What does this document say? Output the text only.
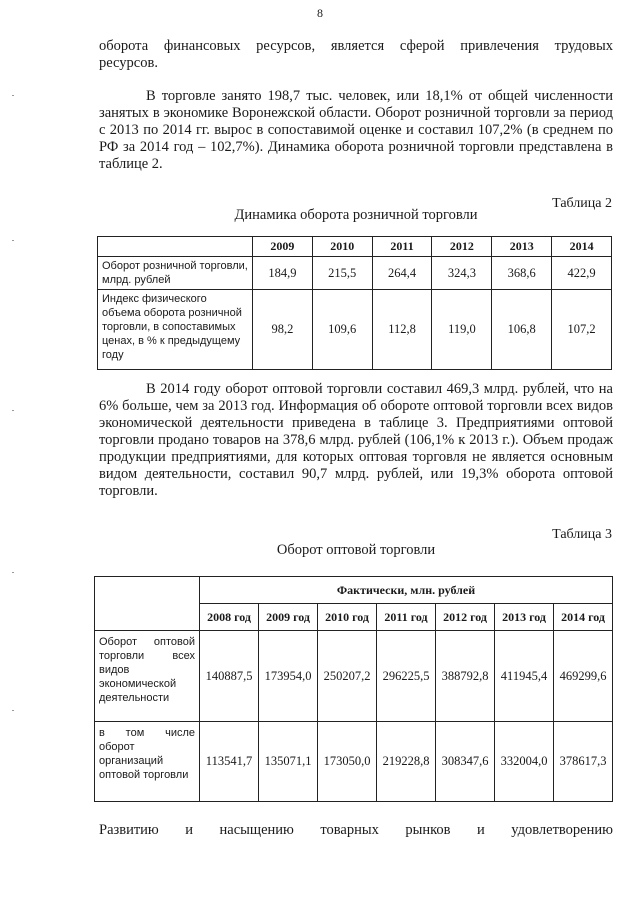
8
оборота финансовых ресурсов, является сферой привлечения трудовых
ресурсов.

В торговле занято 198,7 тыс. человек, или 18,1% от общей численности занятых в экономике Воронежской области. Оборот розничной торговли за период с 2013 по 2014 гг. вырос в сопоставимой оценке и составил 107,2% (в среднем по РФ за 2014 год – 102,7%). Динамика оборота розничной торговли представлена в таблице 2.

Таблица 2
Динамика оборота розничной торговли
	2009	2010	2011	2012	2013	2014
Оборот розничной торговли, млрд. рублей	184,9	215,5	264,4	324,3	368,6	422,9
Индекс физического объема оборота розничной торговли, в сопоставимых ценах, в % к предыдущему году	98,2	109,6	112,8	119,0	106,8	107,2

В 2014 году оборот оптовой торговли составил 469,3 млрд. рублей, что на 6% больше, чем за 2013 год. Информация об обороте оптовой торговли всех видов экономической деятельности приведена в таблице 3. Предприятиями оптовой торговли продано товаров на 378,6 млрд. рублей (106,1% к 2013 г.). Объем продаж продукции предприятиями, для которых оптовая торговля не является основным видом деятельности, составил 90,7 млрд. рублей, или 19,3% оборота оптовой торговли.

Таблица 3
Оборот оптовой торговли
	Фактически, млн. рублей						
	2008 год	2009 год	2010 год	2011 год	2012 год	2013 год	2014 год
Оборот оптовой торговли всех видов экономической деятельности	140887,5	173954,0	250207,2	296225,5	388792,8	411945,4	469299,6
в том числе оборот организаций оптовой торговли	113541,7	135071,1	173050,0	219228,8	308347,6	332004,0	378617,3
Развитию и насыщению товарных рынков и удовлетворению
